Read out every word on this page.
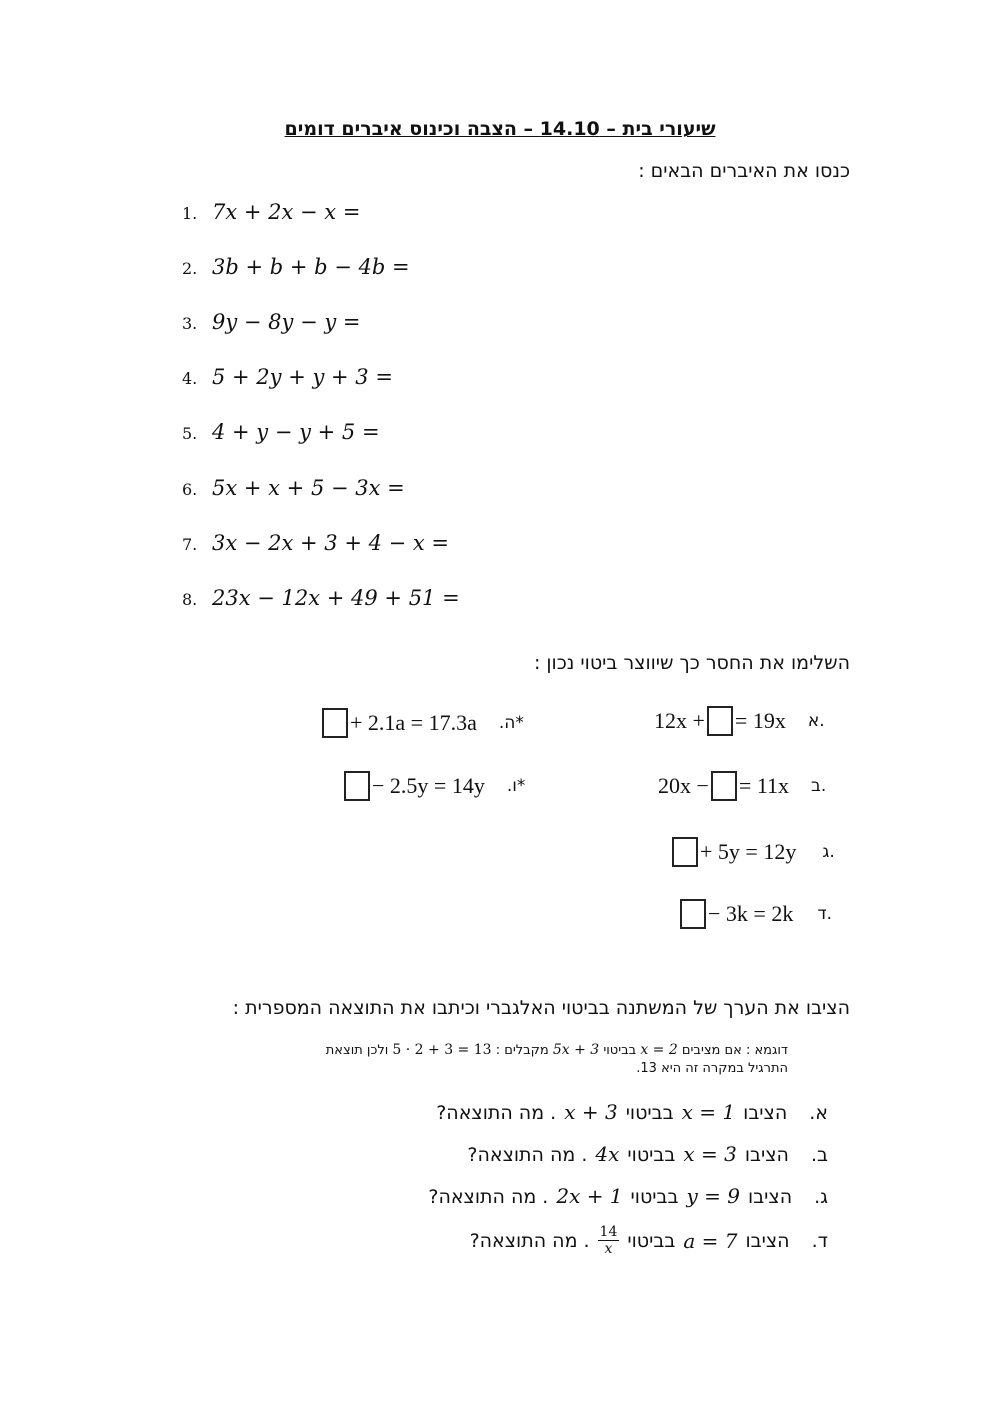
שיעורי בית – 14.10 – הצבה וכינוס איברים דומים
כנסו את האיברים הבאים :
1. 7x + 2x − x =
2. 3b + b + b − 4b =
3. 9y − 8y − y =
4. 5 + 2y + y + 3 =
5. 4 + y − y + 5 =
6. 5x + x + 5 − 3x =
7. 3x − 2x + 3 + 4 − x =
8. 23x − 12x + 49 + 51 =
השלימו את החסר כך שיווצר ביטוי נכון :
12x + = 19x א.
20x − = 11x ב.
+ 5y = 12y ג.
− 3k = 2k ד.
+ 2.1a = 17.3a *ה.
− 2.5y = 14y *ו.
הציבו את הערך של המשתנה בביטוי האלגברי וכיתבו את התוצאה המספרית :
דוגמא : אם מציבים x = 2 בביטוי 5x + 3 מקבלים : 5 · 2 + 3 = 13 ולכן תוצאת
התרגיל במקרה זה היא 13.
א.
הציבו
x = 1
בביטוי
x + 3
. מה התוצאה?
ב.
הציבו
x = 3
בביטוי
4x
. מה התוצאה?
ג.
הציבו
y = 9
בביטוי
2x + 1
. מה התוצאה?
ד.
הציבו
a = 7
בביטוי
$\frac{14}{x}$
. מה התוצאה?
